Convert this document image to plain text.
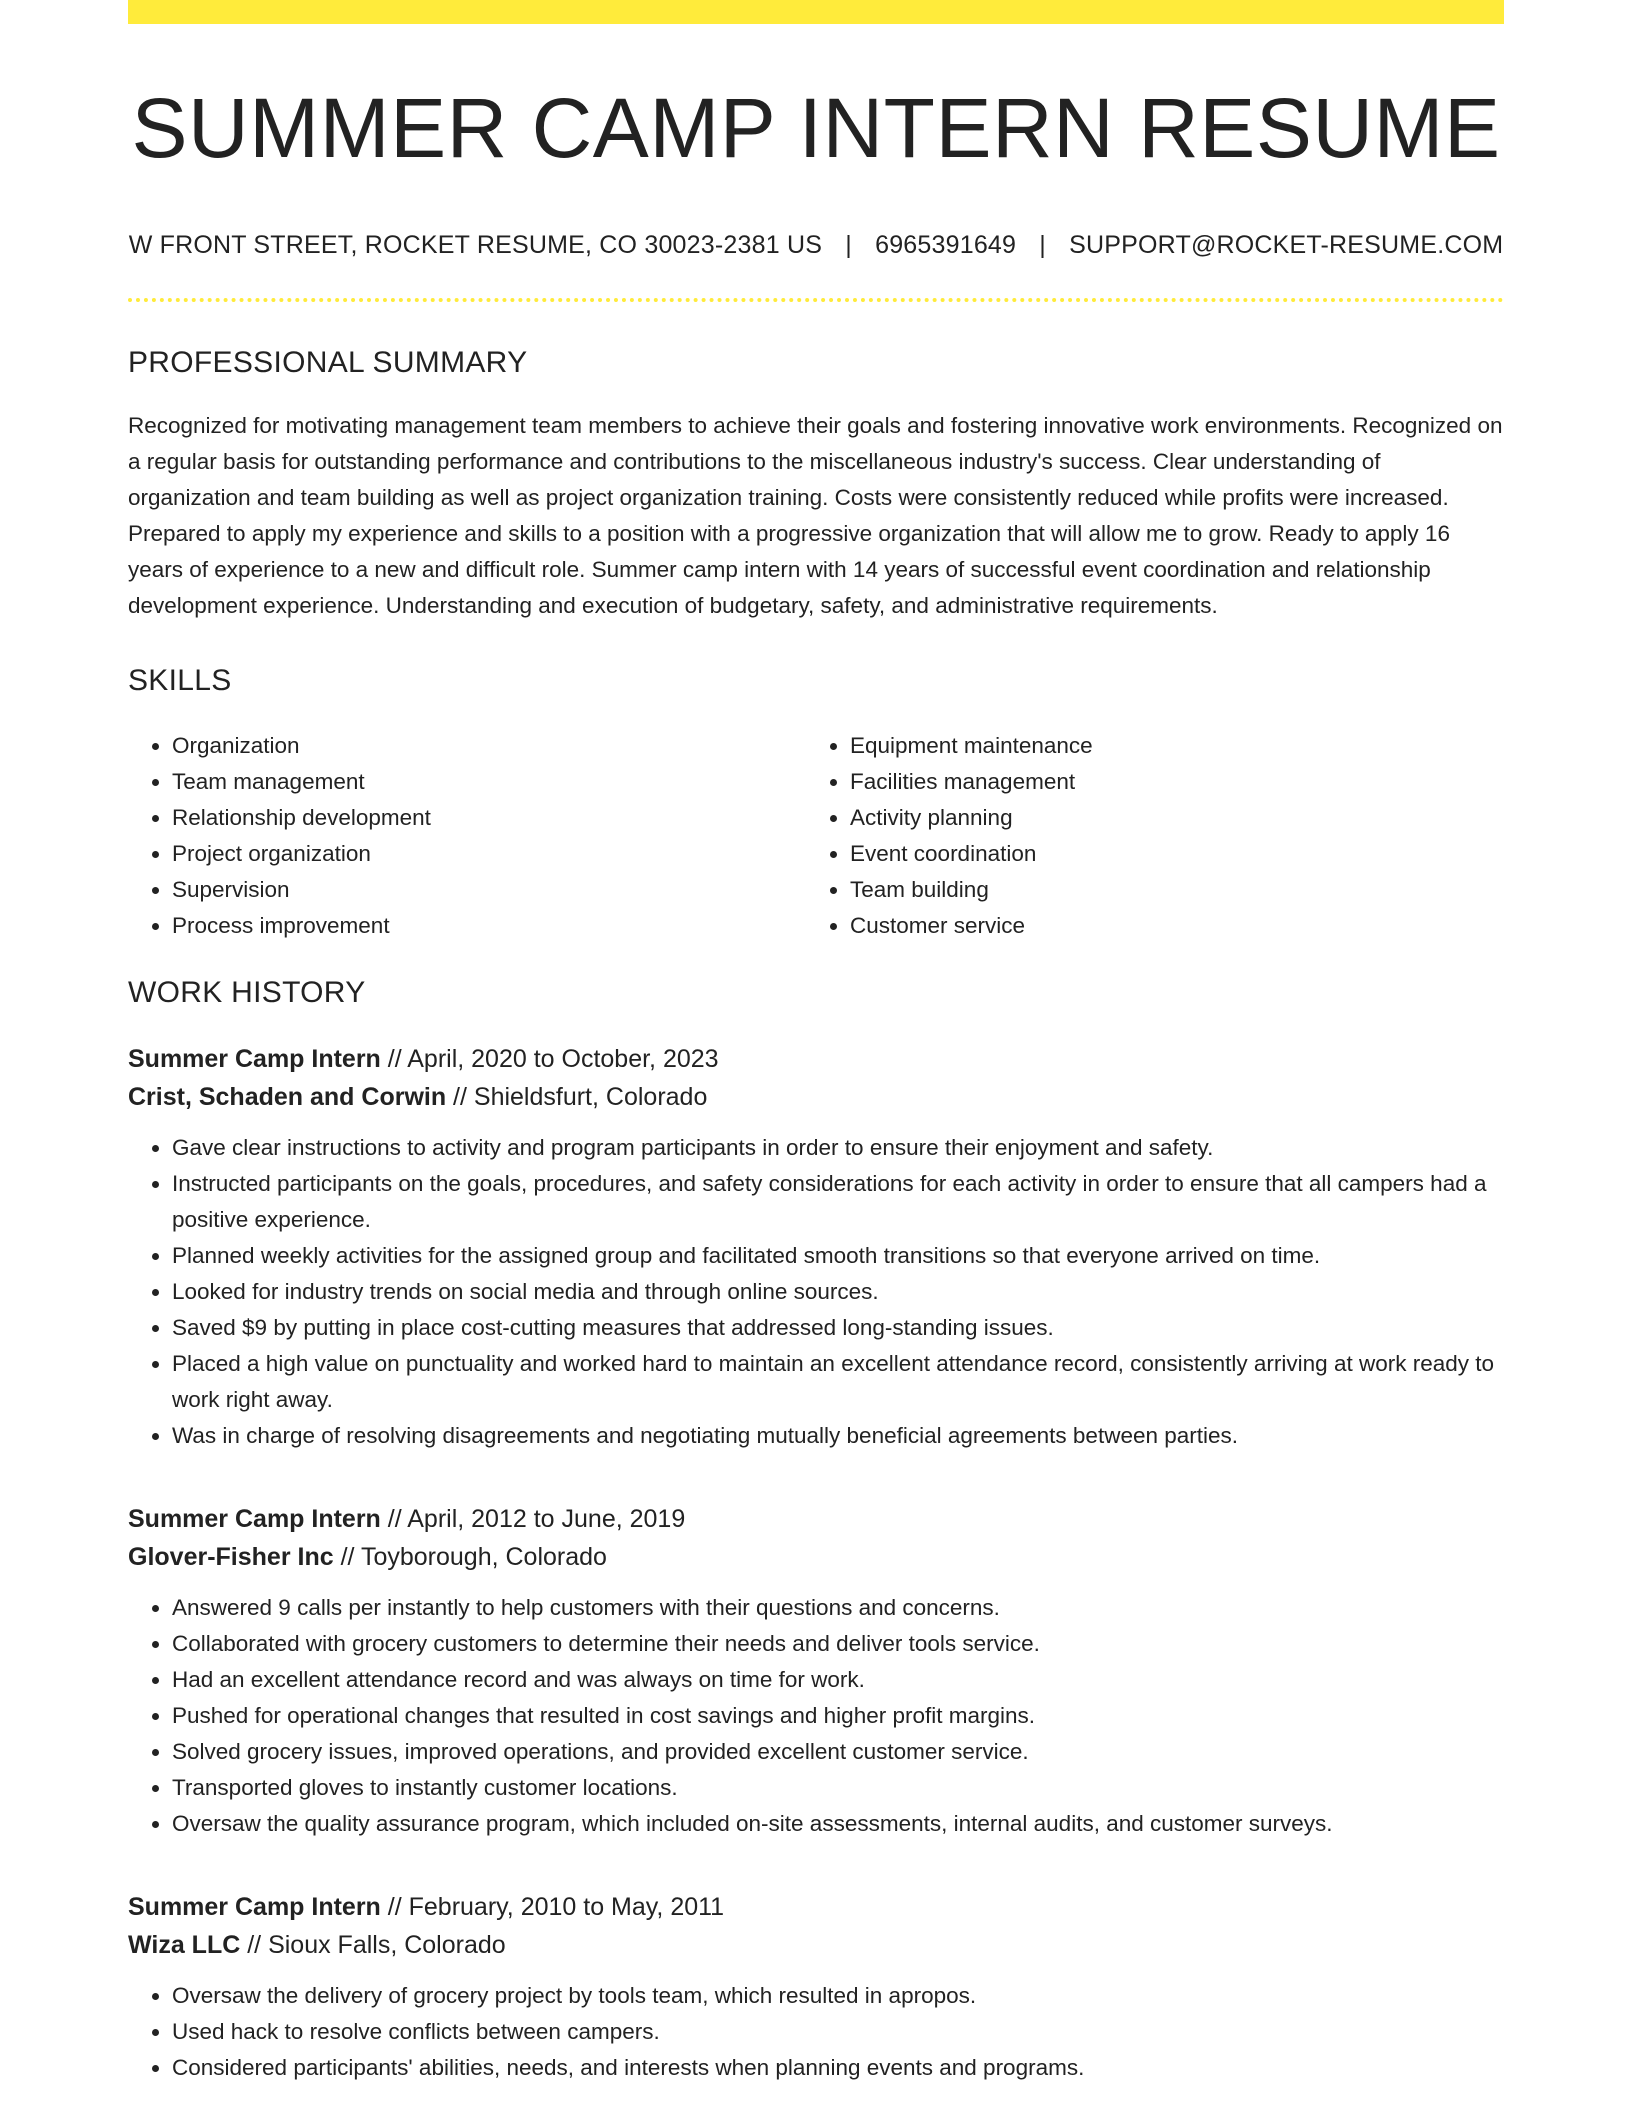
SUMMER CAMP INTERN RESUME
W FRONT STREET, ROCKET RESUME, CO 30023-2381 US | 6965391649 | SUPPORT@ROCKET-RESUME.COM
PROFESSIONAL SUMMARY

Recognized for motivating management team members to achieve their goals and fostering innovative work environments. Recognized on a regular basis for outstanding performance and contributions to the miscellaneous industry's success. Clear understanding of organization and team building as well as project organization training. Costs were consistently reduced while profits were increased. Prepared to apply my experience and skills to a position with a progressive organization that will allow me to grow. Ready to apply 16 years of experience to a new and difficult role. Summer camp intern with 14 years of successful event coordination and relationship development experience. Understanding and execution of budgetary, safety, and administrative requirements.

SKILLS
• Organization
• Team management
• Relationship development
• Project organization
• Supervision
• Process improvement
• Equipment maintenance
• Facilities management
• Activity planning
• Event coordination
• Team building
• Customer service
WORK HISTORY
Summer Camp Intern // April, 2020 to October, 2023
Crist, Schaden and Corwin // Shieldsfurt, Colorado
• Gave clear instructions to activity and program participants in order to ensure their enjoyment and safety.
• Instructed participants on the goals, procedures, and safety considerations for each activity in order to ensure that all campers had a positive experience.
• Planned weekly activities for the assigned group and facilitated smooth transitions so that everyone arrived on time.
• Looked for industry trends on social media and through online sources.
• Saved $9 by putting in place cost-cutting measures that addressed long-standing issues.
• Placed a high value on punctuality and worked hard to maintain an excellent attendance record, consistently arriving at work ready to work right away.
• Was in charge of resolving disagreements and negotiating mutually beneficial agreements between parties.
Summer Camp Intern // April, 2012 to June, 2019
Glover-Fisher Inc // Toyborough, Colorado
• Answered 9 calls per instantly to help customers with their questions and concerns.
• Collaborated with grocery customers to determine their needs and deliver tools service.
• Had an excellent attendance record and was always on time for work.
• Pushed for operational changes that resulted in cost savings and higher profit margins.
• Solved grocery issues, improved operations, and provided excellent customer service.
• Transported gloves to instantly customer locations.
• Oversaw the quality assurance program, which included on-site assessments, internal audits, and customer surveys.
Summer Camp Intern // February, 2010 to May, 2011
Wiza LLC // Sioux Falls, Colorado
• Oversaw the delivery of grocery project by tools team, which resulted in apropos.
• Used hack to resolve conflicts between campers.
• Considered participants' abilities, needs, and interests when planning events and programs.
